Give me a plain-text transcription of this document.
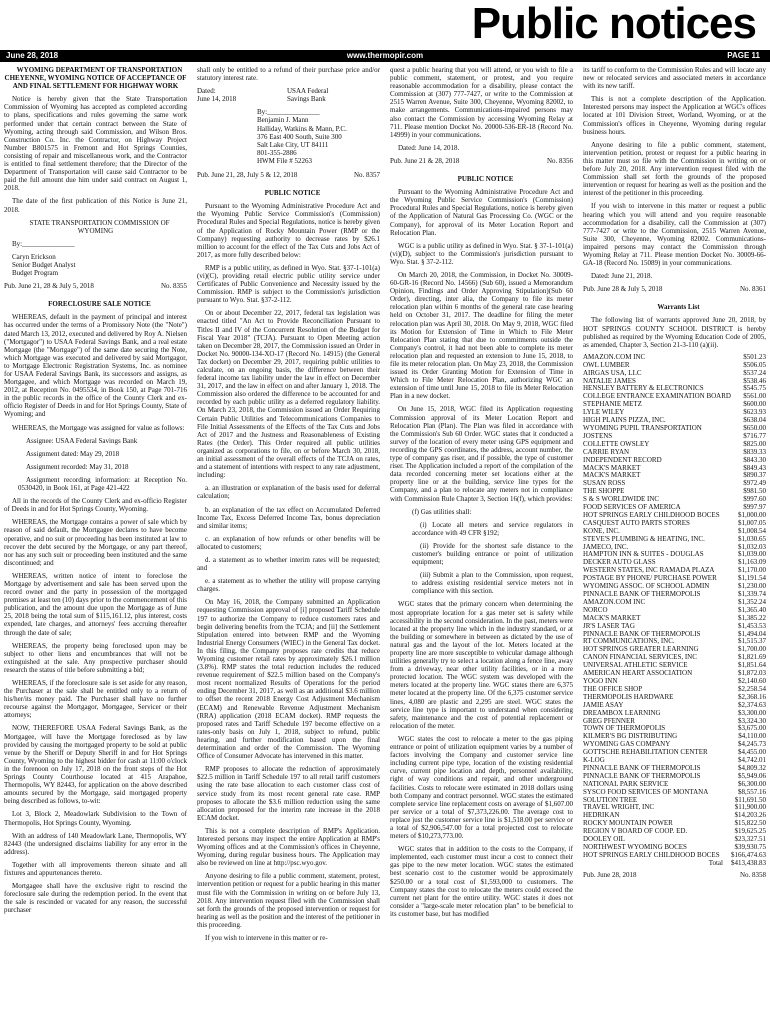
Public notices
June 28, 2018	www.thermopir.com	PAGE 11

WYOMING DEPARTMENT OF TRANSPORTATION CHEYENNE, WYOMING NOTICE OF ACCEPTANCE OF AND FINAL SETTLEMENT FOR HIGHWAY WORK

Notice is hereby given that the State Transportation Commission of Wyoming has accepted as completed according to plans, specifications and rules governing the same work performed under that certain contract between the State of Wyoming, acting through said Commission, and Wilson Bros. Construction Co. Inc. the Contractor, on Highway Project Number B801575 in Fremont and Hot Springs Counties, consisting of repair and miscellaneous work, and the Contractor is entitled to final settlement therefore; that the Director of the Department of Transportation will cause said Contractor to be paid the full amount due him under said contract on August 1, 2018.

The date of the first publication of this Notice is June 21, 2018.

STATE TRANSPORTATION COMMISSION OF WYOMING

By:_______________

Caryn Erickson

Senior Budget Analyst

Budget Program

Pub. June 21, 28 & July 5, 2018	No. 8355

FORECLOSURE SALE NOTICE

WHEREAS, default in the payment of principal and interest has occurred under the terms of a Promissory Note (the "Note") dated March 13, 2012, executed and delivered by Roy A. Nielsen ("Mortgagor") to USAA Federal Savings Bank, and a real estate Mortgage (the "Mortgage") of the same date securing the Note, which Mortgage was executed and delivered by said Mortgagor, to Mortgage Electronic Registration Systems, Inc. as nominee for USAA Federal Savings Bank, its successors and assigns, as Mortgagee, and which Mortgage was recorded on March 19, 2012, at Reception No. 0495534, in Book 150, at Page 701-716 in the public records in the office of the County Clerk and ex-officio Register of Deeds in and for Hot Springs County, State of Wyoming; and

WHEREAS, the Mortgage was assigned for value as follows:

Assignee: USAA Federal Savings Bank

Assignment dated: May 29, 2018

Assignment recorded: May 31, 2018

Assignment recording information: at Reception No. 0530420, in Book 161, at Page 421-422

All in the records of the County Clerk and ex-officio Register of Deeds in and for Hot Springs County, Wyoming.

WHEREAS, the Mortgage contains a power of sale which by reason of said default, the Mortgagee declares to have become operative, and no suit or proceeding has been instituted at law to recover the debt secured by the Mortgage, or any part thereof, nor has any such suit or proceeding been instituted and the same discontinued; and

WHEREAS, written notice of intent to foreclose the Mortgage by advertisement and sale has been served upon the record owner and the party in possession of the mortgaged premises at least ten (10) days prior to the commencement of this publication, and the amount due upon the Mortgage as of June 25, 2018 being the total sum of $115,161.12, plus interest, costs expended, late charges, and attorneys' fees accruing thereafter through the date of sale;

WHEREAS, the property being foreclosed upon may be subject to other liens and encumbrances that will not be extinguished at the sale. Any prospective purchaser should research the status of title before submitting a bid;

WHEREAS, if the foreclosure sale is set aside for any reason, the Purchaser at the sale shall be entitled only to a return of his/her/its money paid. The Purchaser shall have no further recourse against the Mortgagor, Mortgagee, Servicer or their attorneys;

NOW, THEREFORE USAA Federal Savings Bank, as the Mortgagee, will have the Mortgage foreclosed as by law provided by causing the mortgaged property to be sold at public venue by the Sheriff or Deputy Sheriff in and for Hot Springs County, Wyoming to the highest bidder for cash at 11:00 o'clock in the forenoon on July 17, 2018 on the front steps of the Hot Springs County Courthouse located at 415 Arapahoe, Thermopolis, WY 82443, for application on the above described amounts secured by the Mortgage, said mortgaged property being described as follows, to-wit:

Lot 3, Block 2, Meadowlark Subdivision to the Town of Thermopolis, Hot Springs County, Wyoming.

With an address of 140 Meadowlark Lane, Thermopolis, WY 82443 (the undersigned disclaims liability for any error in the address).

Together with all improvements thereon situate and all fixtures and appurtenances thereto.

Mortgagee shall have the exclusive right to rescind the foreclosure sale during the redemption period. In the event that the sale is rescinded or vacated for any reason, the successful purchaser

shall only be entitled to a refund of their purchase price and/or statutory interest rate.

Dated:
June 14, 2018
USAA Federal
Savings Bank
By:_______________
Benjamin J. Mann
Halliday, Watkins & Mann, P.C.
376 East 400 South, Suite 300
Salt Lake City, UT 84111
801-355-2886
HWM File # 52263
Pub. June 21, 28, July 5 & 12, 2018	No. 8357

PUBLIC NOTICE

Pursuant to the Wyoming Administrative Procedure Act and the Wyoming Public Service Commission's (Commission) Procedural Rules and Special Regulations, notice is hereby given of the Application of Rocky Mountain Power (RMP or the Company) requesting authority to decrease rates by $26.1 million to account for the effect of the Tax Cuts and Jobs Act of 2017, as more fully described below:

RMP is a public utility, as defined in Wyo. Stat. §37-1-101(a)(vi)(C), providing retail electric public utility service under Certificates of Public Convenience and Necessity issued by the Commission. RMP is subject to the Commission's jurisdiction pursuant to Wyo. Stat. §37-2-112.

On or about December 22, 2017, federal tax legislation was enacted titled "An Act to Provide Reconciliation Pursuant to Titles II and IV of the Concurrent Resolution of the Budget for Fiscal Year 2018" (TCJA). Pursuant to Open Meeting action taken on December 28, 2017, the Commission issued an Order in Docket No. 90000-134-XO-17 (Record No. 14915) (the General Tax docket) on December 29, 2017, requiring public utilities to calculate, on an ongoing basis, the difference between their federal income tax liability under the law in effect on December 31, 2017, and the law in effect on and after January 1, 2018. The Commission also ordered the difference to be accounted for and recorded by each public utility as a deferred regulatory liability. On March 23, 2018, the Commission issued an Order Requiring Certain Public Utilities and Telecommunications Companies to File Initial Assessments of the Effects of the Tax Cuts and Jobs Act of 2017 and the Justness and Reasonableness of Existing Rates (the Order). This Order required all public utilities organized as corporations to file, on or before March 30, 2018, an initial assessment of the overall effects of the TCJA on rates, and a statement of intentions with respect to any rate adjustment, including:

a. an illustration or explanation of the basis used for deferral calculation;

b. an explanation of the tax effect on Accumulated Deferred Income Tax, Excess Deferred Income Tax, bonus depreciation and similar items;

c. an explanation of how refunds or other benefits will be allocated to customers;

d. a statement as to whether interim rates will be requested; and

e. a statement as to whether the utility will propose carrying charges.

On May 16, 2018, the Company submitted an Application requesting Commission approval of [i] proposed Tariff Schedule 197 to authorize the Company to reduce customers rates and begin delivering benefits from the TCJA; and [ii] the Settlement Stipulation entered into between RMP and the Wyoming Industrial Energy Consumers (WIEC) in the General Tax docket. In this filing, the Company proposes rate credits that reduce Wyoming customer retail rates by approximately $26.1 million (3.8%). RMP states the total reduction includes the reduced revenue requirement of $22.5 million based on the Company's most recent normalized Results of Operations for the period ending December 31, 2017, as well as an additional $3.6 million to offset the recent 2018 Energy Cost Adjustment Mechanism (ECAM) and Renewable Revenue Adjustment Mechanism (RRA) application (2018 ECAM docket). RMP requests the proposed rates and Tariff Schedule 197 become effective on a rates-only basis on July 1, 2018, subject to refund, public hearing, and further modification based upon the final determination and order of the Commission. The Wyoming Office of Consumer Advocate has intervened in this matter.

RMP proposes to allocate the reduction of approximately $22.5 million in Tariff Schedule 197 to all retail tariff customers using the rate base allocation to each customer class cost of service study from its most recent general rate case. RMP proposes to allocate the $3.6 million reduction using the same allocation proposed for the interim rate increase in the 2018 ECAM docket.

This is not a complete description of RMP's Application. Interested persons may inspect the entire Application at RMP's Wyoming offices and at the Commission's offices in Cheyenne, Wyoming, during regular business hours. The Application may also be reviewed on line at http://psc.wyo.gov.

Anyone desiring to file a public comment, statement, protest, intervention petition or request for a public hearing in this matter must file with the Commission in writing on or before July 13, 2018. Any intervention request filed with the Commission shall set forth the grounds of the proposed intervention or request for hearing as well as the position and the interest of the petitioner in this proceeding.

If you wish to intervene in this matter or re-

quest a public hearing that you will attend, or you wish to file a public comment, statement, or protest, and you require reasonable accommodation for a disability, please contact the Commission at (307) 777-7427, or write to the Commission at 2515 Warren Avenue, Suite 300, Cheyenne, Wyoming 82002, to make arrangements. Communications-impaired persons may also contact the Commission by accessing Wyoming Relay at 711. Please mention Docket No. 20000-536-ER-18 (Record No. 14999) in your communications.

Dated: June 14, 2018.

Pub. June 21 & 28, 2018	No. 8356

PUBLIC NOTICE

Pursuant to the Wyoming Administrative Procedure Act and the Wyoming Public Service Commission's (Commission) Procedural Rules and Special Regulations, notice is hereby given of the Application of Natural Gas Processing Co. (WGC or the Company), for approval of its Meter Location Report and Relocation Plan.

WGC is a public utility as defined in Wyo. Stat. § 37-1-101(a)(vi)(D), subject to the Commission's jurisdiction pursuant to Wyo. Stat. § 37-2-112.

On March 20, 2018, the Commission, in Docket No. 30009-60-GR-16 (Record No. 14566) (Sub 60), issued a Memorandum Opinion, Findings and Order Approving Stipulation)(Sub 60 Order), directing, inter alia, the Company to file its meter relocation plan within 6 months of the general rate case hearing held on October 31, 2017. The deadline for filing the meter relocation plan was April 30, 2018. On May 9, 2018, WGC filed its Motion for Extension of Time in Which to File Meter Relocation Plan stating that due to commitments outside the Company's control, it had not been able to complete its meter relocation plan and requested an extension to June 15, 2018, to file its meter relocation plan. On May 23, 2018, the Commission issued its Order Granting Motion for Extension of Time in Which to File Meter Relocation Plan, authorizing WGC an extension of time until June 15, 2018 to file its Meter Relocation Plan in a new docket.

On June 15, 2018, WGC filed its Application requesting Commission approval of its Meter Location Report and Relocation Plan (Plan). The Plan was filed in accordance with the Commission's Sub 60 Order. WGC states that it conducted a survey of the location of every meter using GPS equipment and recording the GPS coordinates, the address, account number, the type of company gas riser, and if possible, the type of customer riser. The Application included a report of the compilation of the data recorded concerning meter set locations either at the property line or at the building, service line types for the Company, and a plan to relocate any meters not in compliance with Commission Rule Chapter 3, Section 16(f), which provides:

(f) Gas utilities shall:

(i) Locate all meters and service regulators in accordance with 49 CFR §192;

(ii) Provide for the shortest safe distance to the customer's building entrance or point of utilization equipment;

(iii) Submit a plan to the Commission, upon request, to address existing residential service meters not in compliance with this section.

WGC states that the primary concern when determining the most appropriate location for a gas meter set is safety while accessibility in the second consideration. In the past, meters were located at the property line which in the industry standard, or at the building or somewhere in between as dictated by the use of natural gas and the layout of the lot. Meters located at the property line are more susceptible to vehicular damage although utilities generally try to select a location along a fence line, away from a driveway, near other utility facilities, or in a more protected location. The WGC system was developed with the meters located at the property line. WGC states there are 6,375 meter located at the property line. Of the 6,375 customer service lines, 4,080 are plastic and 2,295 are steel. WGC states the service line type is important to understand when considering safety, maintenance and the cost of potential replacement or relocation of the meter.

WGC states the cost to relocate a meter to the gas piping entrance or point of utilization equipment varies by a number of factors involving the Company and customer service line including current pipe type, location of the existing residential curve, current pipe location and depth, personnel availability, right of way conditions and repair, and other underground facilities. Costs to relocate were estimated in 2018 dollars using both Company and contract personnel. WGC states the estimated complete service line replacement costs on average of $1,607.00 per service or a total of $7,373,226.00. The average cost to replace just the customer service line is $1,518.00 per service or a total of $2,906,547.00 for a total projected cost to relocate meters of $10,273,773.00.

WGC states that in addition to the costs to the Company, if implemented, each customer must incur a cost to connect their gas pipe to the new meter location. WGC states the estimated best scenario cost to the customer would be approximately $250.00 or a total cost of $1,593,000 to customers. The Company states the cost to relocate the meters could exceed the current net plant for the entire utility. WGC states it does not consider a "large-scale meter relocation plan" to be beneficial to its customer base, but has modified

its tariff to conform to the Commission Rules and will locate any new or relocated services and associated meters in accordance with its new tariff.

This is not a complete description of the Application. Interested persons may inspect the Application at WGC's offices located at 101 Division Street, Worland, Wyoming, or at the Commission's offices in Cheyenne, Wyoming during regular business hours.

Anyone desiring to file a public comment, statement, intervention petition, protest or request for a public hearing in this matter must so file with the Commission in writing on or before July 20, 2018. Any intervention request filed with the Commission shall set forth the grounds of the proposed intervention or request for hearing as well as the position and the interest of the petitioner in this proceeding.

If you wish to intervene in this matter or request a public hearing which you will attend and you require reasonable accommodation for a disability, call the Commission at (307) 777-7427 or write to the Commission, 2515 Warren Avenue, Suite 300, Cheyenne, Wyoming 82002. Communications-impaired persons may contact the Commission through Wyoming Relay at 711. Please mention Docket No. 30009-66-GA-18 (Record No. 15089) in your communications.

Dated: June 21, 2018.

Pub. June 28 & July 5, 2018	No. 8361

Warrants List

The following list of warrants approved June 20, 2018, by HOT SPRINGS COUNTY SCHOOL DISTRICT is hereby published as required by the Wyoming Education Code of 2005, as amended, Chapter 3, Section 21-3-110 (a)(ii).

AMAZON.COM INC	$501.23
OWL LUMBER	$506.05
AIRGAS USA, LLC	$537.24
NATALIE JAMES	$538.46
HENSLEY BATTERY & ELECTRONICS	$545.75
COLLEGE ENTRANCE EXAMINATION BOARD	$561.00
STEPHANIE METZ	$600.00
LYLE WILEY	$623.93
HIGH PLAINS PIZZA, INC.	$638.04
WYOMING PUPIL TRANSPORTATION	$650.00
JOSTENS	$716.77
COLLETTE OWSLEY	$825.00
CARRIE RYAN	$839.33
INDEPENDENT RECORD	$843.30
MACK'S MARKET	$849.43
MACK'S MARKET	$890.37
SUSAN ROSS	$972.49
THE SHOPPE	$981.50
S & S WORLDWIDE INC	$997.60
FOOD SERVICES OF AMERICA	$997.97
HOT SPRINGS EARLY CHILDHOOD BOCES	$1,000.00
CASQUEST AUTO PARTS STORES	$1,007.05
KONE, INC.	$1,008.54
STEVE'S PLUMBING & HEATING, INC.	$1,030.65
JAMECO, INC.	$1,032.03
HAMPTON INN & SUITES - DOUGLAS	$1,039.00
DECKER AUTO GLASS	$1,163.09
WESTERN STATES, INC RAMADA PLAZA	$1,170.00
POSTAGE BY PHONE/ PURCHASE POWER	$1,191.54
WYOMING ASSOC. OF SCHOOL ADMIN	$1,230.00
PINNACLE BANK OF THERMOPOLIS	$1,339.74
AMAZON.COM INC	$1,352.24
NORCO	$1,365.40
MACK'S MARKET	$1,385.22
JR'S LASER TAG	$1,453.53
PINNACLE BANK OF THERMOPOLIS	$1,494.04
RT COMMUNICATIONS, INC.	$1,515.37
HOT SPRINGS GREATER LEARNING	$1,700.00
CANON FINANCIAL SERVICES, INC	$1,821.69
UNIVERSAL ATHLETIC SERVICE	$1,851.64
AMERICAN HEART ASSOCIATION	$1,872.03
YOGO INN	$2,140.60
THE OFFICE SHOP	$2,258.54
THERMOPOLIS HARDWARE	$2,368.16
JAMIE ASAY	$2,374.63
DREAMBOX LEARNING	$3,300.00
GREG PFENNER	$3,324.30
TOWN OF THERMOPOLIS	$3,675.00
KILMER'S BG DISTRIBUTING	$4,110.00
WYOMING GAS COMPANY	$4,245.73
GOTTSCHE REHABILITATION CENTER	$4,455.00
K-LOG	$4,742.01
PINNACLE BANK OF THERMOPOLIS	$4,809.32
PINNACLE BANK OF THERMOPOLIS	$5,949.06
NATIONAL PARK SERVICE	$6,300.00
SYSCO FOOD SERVICES OF MONTANA	$8,557.16
SOLUTION TREE	$11,691.50
TRAVEL WRIGHT, INC	$11,900.00
HEDRIKAN	$14,203.26
ROCKY MOUNTAIN POWER	$15,822.50
REGION V BOARD OF COOP. ED.	$19,625.25
DOOLEY OIL	$23,327.51
NORTHWEST WYOMING BOCES	$39,930.75
HOT SPRINGS EARLY CHILDHOOD BOCES	$166,474.63
Total	$413,438.83
Pub. June 28, 2018	No. 8358
